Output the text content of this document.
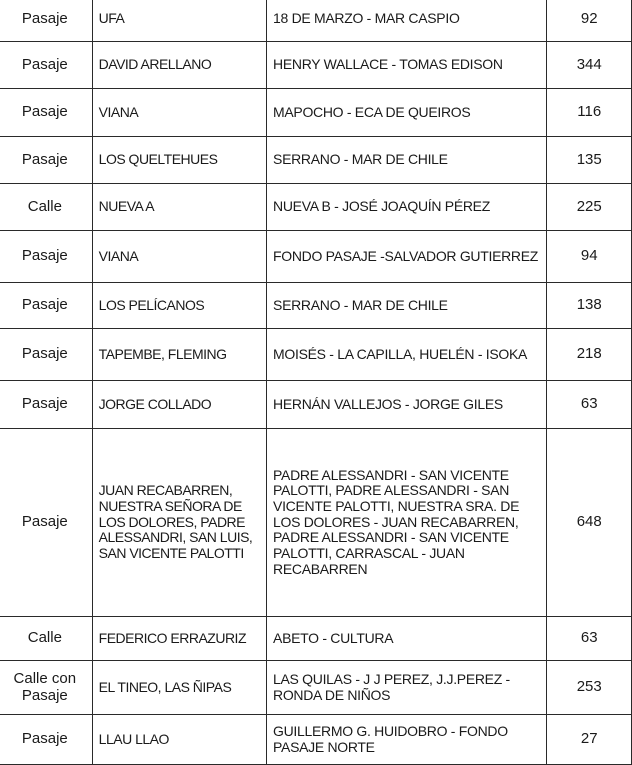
Pasaje	UFA	18 DE MARZO - MAR CASPIO	92
Pasaje	DAVID ARELLANO	HENRY WALLACE - TOMAS EDISON	344
Pasaje	VIANA	MAPOCHO - ECA DE QUEIROS	116
Pasaje	LOS QUELTEHUES	SERRANO - MAR DE CHILE	135
Calle	NUEVA A	NUEVA B - JOSÉ JOAQUÍN PÉREZ	225
Pasaje	VIANA	FONDO PASAJE -SALVADOR GUTIERREZ	94
Pasaje	LOS PELÍCANOS	SERRANO - MAR DE CHILE	138
Pasaje	TAPEMBE, FLEMING	MOISÉS - LA CAPILLA, HUELÉN - ISOKA	218
Pasaje	JORGE COLLADO	HERNÁN VALLEJOS - JORGE GILES	63
Pasaje	JUAN RECABARREN, NUESTRA SEÑORA DE LOS DOLORES, PADRE ALESSANDRI, SAN LUIS, SAN VICENTE PALOTTI	PADRE ALESSANDRI - SAN VICENTE PALOTTI, PADRE ALESSANDRI - SAN VICENTE PALOTTI, NUESTRA SRA. DE LOS DOLORES - JUAN RECABARREN, PADRE ALESSANDRI - SAN VICENTE PALOTTI, CARRASCAL - JUAN RECABARREN	648
Calle	FEDERICO ERRAZURIZ	ABETO - CULTURA	63
Calle con Pasaje	EL TINEO, LAS ÑIPAS	LAS QUILAS - J J PEREZ, J.J.PEREZ -RONDA DE NIÑOS	253
Pasaje	LLAU LLAO	GUILLERMO G. HUIDOBRO - FONDO PASAJE NORTE	27
